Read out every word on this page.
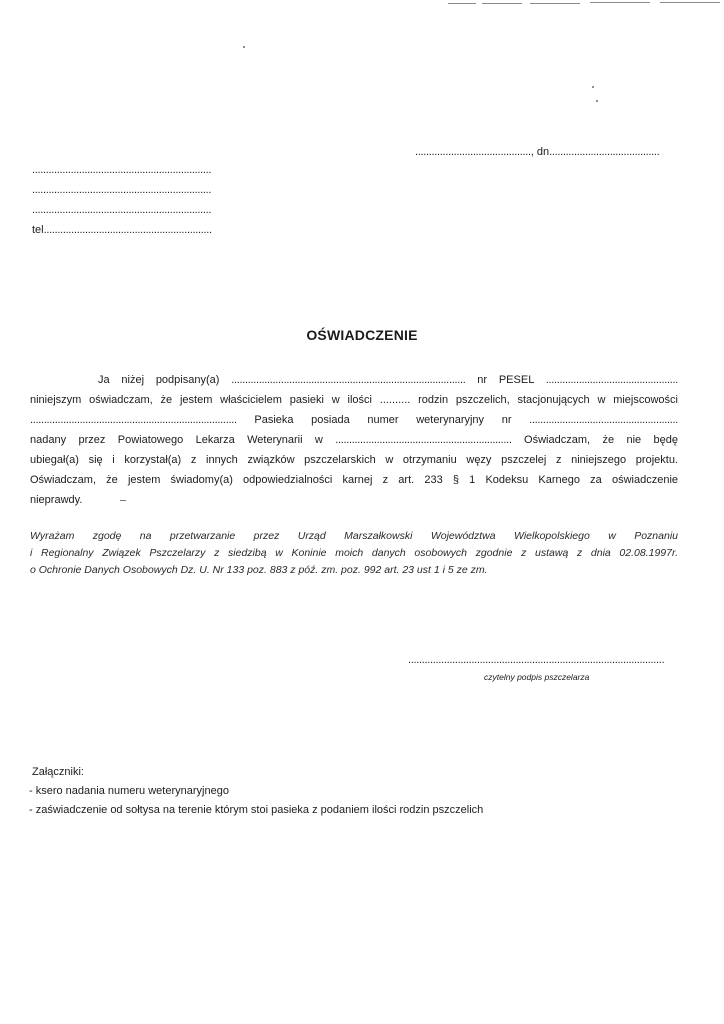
.........................................., dn........................................
.................................................................
.................................................................
.................................................................
tel.............................................................
OŚWIADCZENIE
Ja niżej podpisany(a) ..................................................................................... nr PESEL ................................................
niniejszym oświadczam, że jestem właścicielem pasieki w ilości .......... rodzin pszczelich, stacjonujących w miejscowości
........................................................................... Pasieka posiada numer weterynaryjny nr ......................................................
nadany przez Powiatowego Lekarza Weterynarii w ................................................................ Oświadczam, że nie będę
ubiegał(a) się i korzystał(a) z innych związków pszczelarskich w otrzymaniu węzy pszczelej z niniejszego projektu.
Oświadczam, że jestem świadomy(a) odpowiedzialności karnej z art. 233 § 1 Kodeksu Karnego za oświadczenie
nieprawdy.
Wyrażam zgodę na przetwarzanie przez Urząd Marszałkowski Województwa Wielkopolskiego w Poznaniu
i Regionalny Związek Pszczelarzy z siedzibą w Koninie moich danych osobowych zgodnie z ustawą z dnia 02.08.1997r.
o Ochronie Danych Osobowych Dz. U. Nr 133 poz. 883 z póź. zm. poz. 992 art. 23 ust 1 i 5 ze zm.
.............................................................................................
czytelny podpis pszczelarza
Załączniki:
- ksero nadania numeru weterynaryjnego
- zaświadczenie od sołtysa na terenie którym stoi pasieka z podaniem ilości rodzin pszczelich
